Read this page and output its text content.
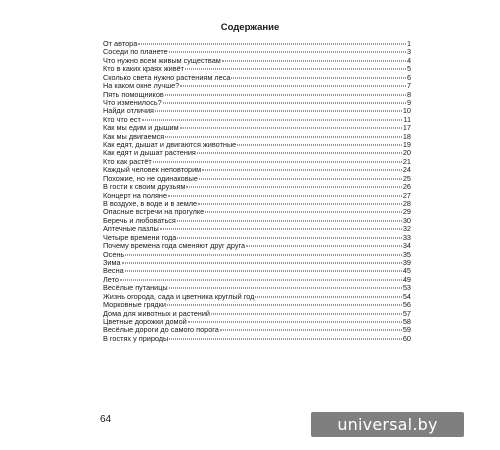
Содержание
От автора	1
Соседи по планете	3
Что нужно всем живым существам	4
Кто в каких краях живёт	5
Сколько света нужно растениям леса	6
На каком окне лучше?	7
Пять помощников	8
Что изменилось?	9
Найди отличия	10
Кто что ест	11
Как мы едим и дышим	17
Как мы двигаемся	18
Как едят, дышат и двигаются животные	19
Как едят и дышат растения	20
Кто как растёт	21
Каждый человек неповторим	24
Похожие, но не одинаковые	25
В гости к своим друзьям	26
Концерт на поляне	27
В воздухе, в воде и в земле	28
Опасные встречи на прогулке	29
Беречь и любоваться	30
Аптечные пазлы	32
Четыре времени года	33
Почему времена года сменяют друг друга	34
Осень	35
Зима	39
Весна	45
Лето	49
Весёлые путаницы	53
Жизнь огорода, сада и цветника круглый год	54
Морковные грядки	56
Дома для животных и растений	57
Цветные дорожки домой	58
Весёлые дороги до самого порога	59
В гостях у природы	60
64	universal.by
